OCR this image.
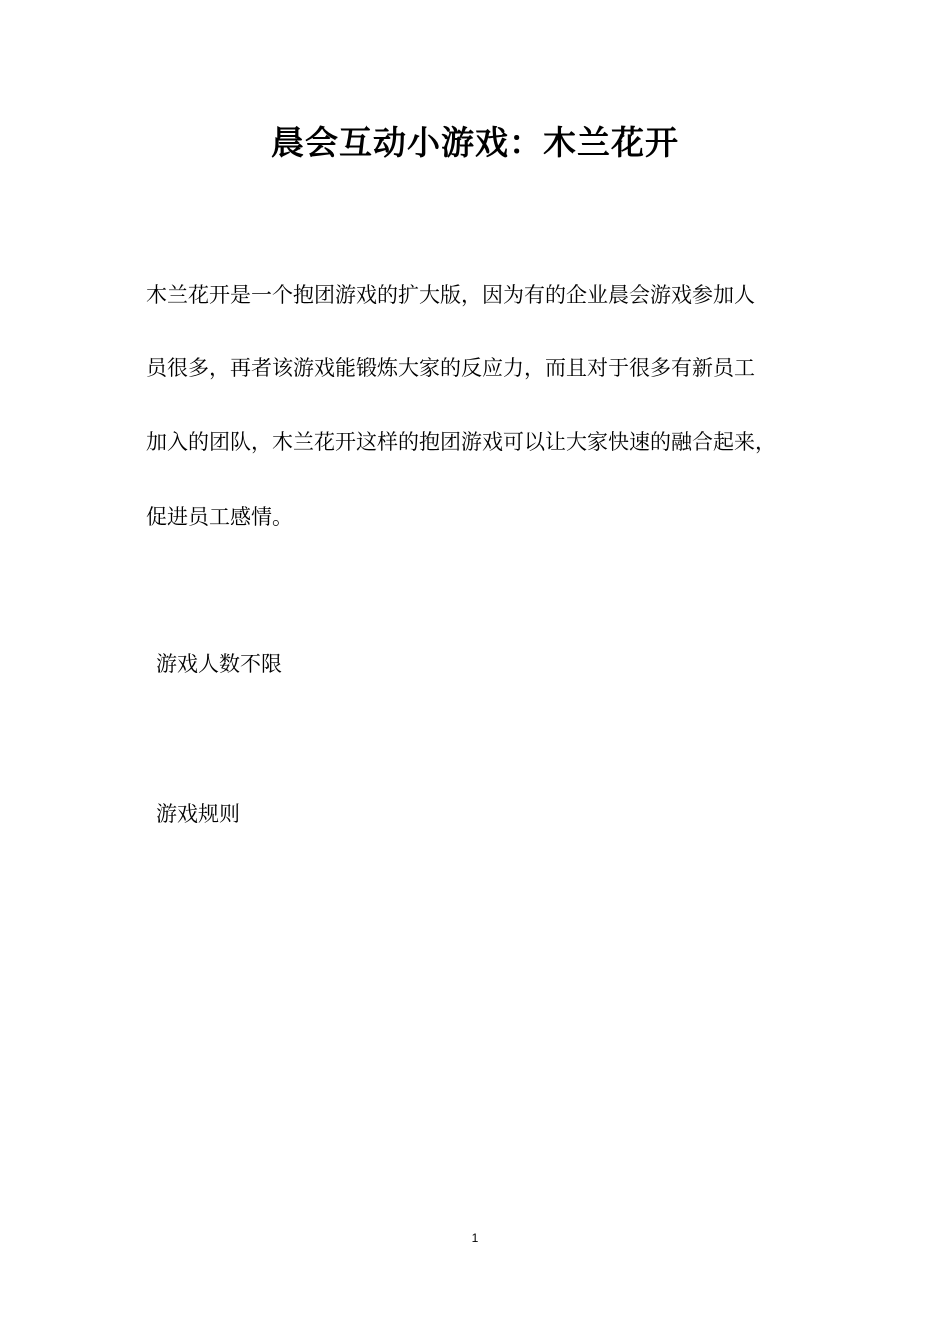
晨会互动小游戏：木兰花开
木兰花开是一个抱团游戏的扩大版，因为有的企业晨会游戏参加人
员很多，再者该游戏能锻炼大家的反应力，而且对于很多有新员工
加入的团队，木兰花开这样的抱团游戏可以让大家快速的融合起来，
促进员工感情。
游戏人数不限
游戏规则
1
